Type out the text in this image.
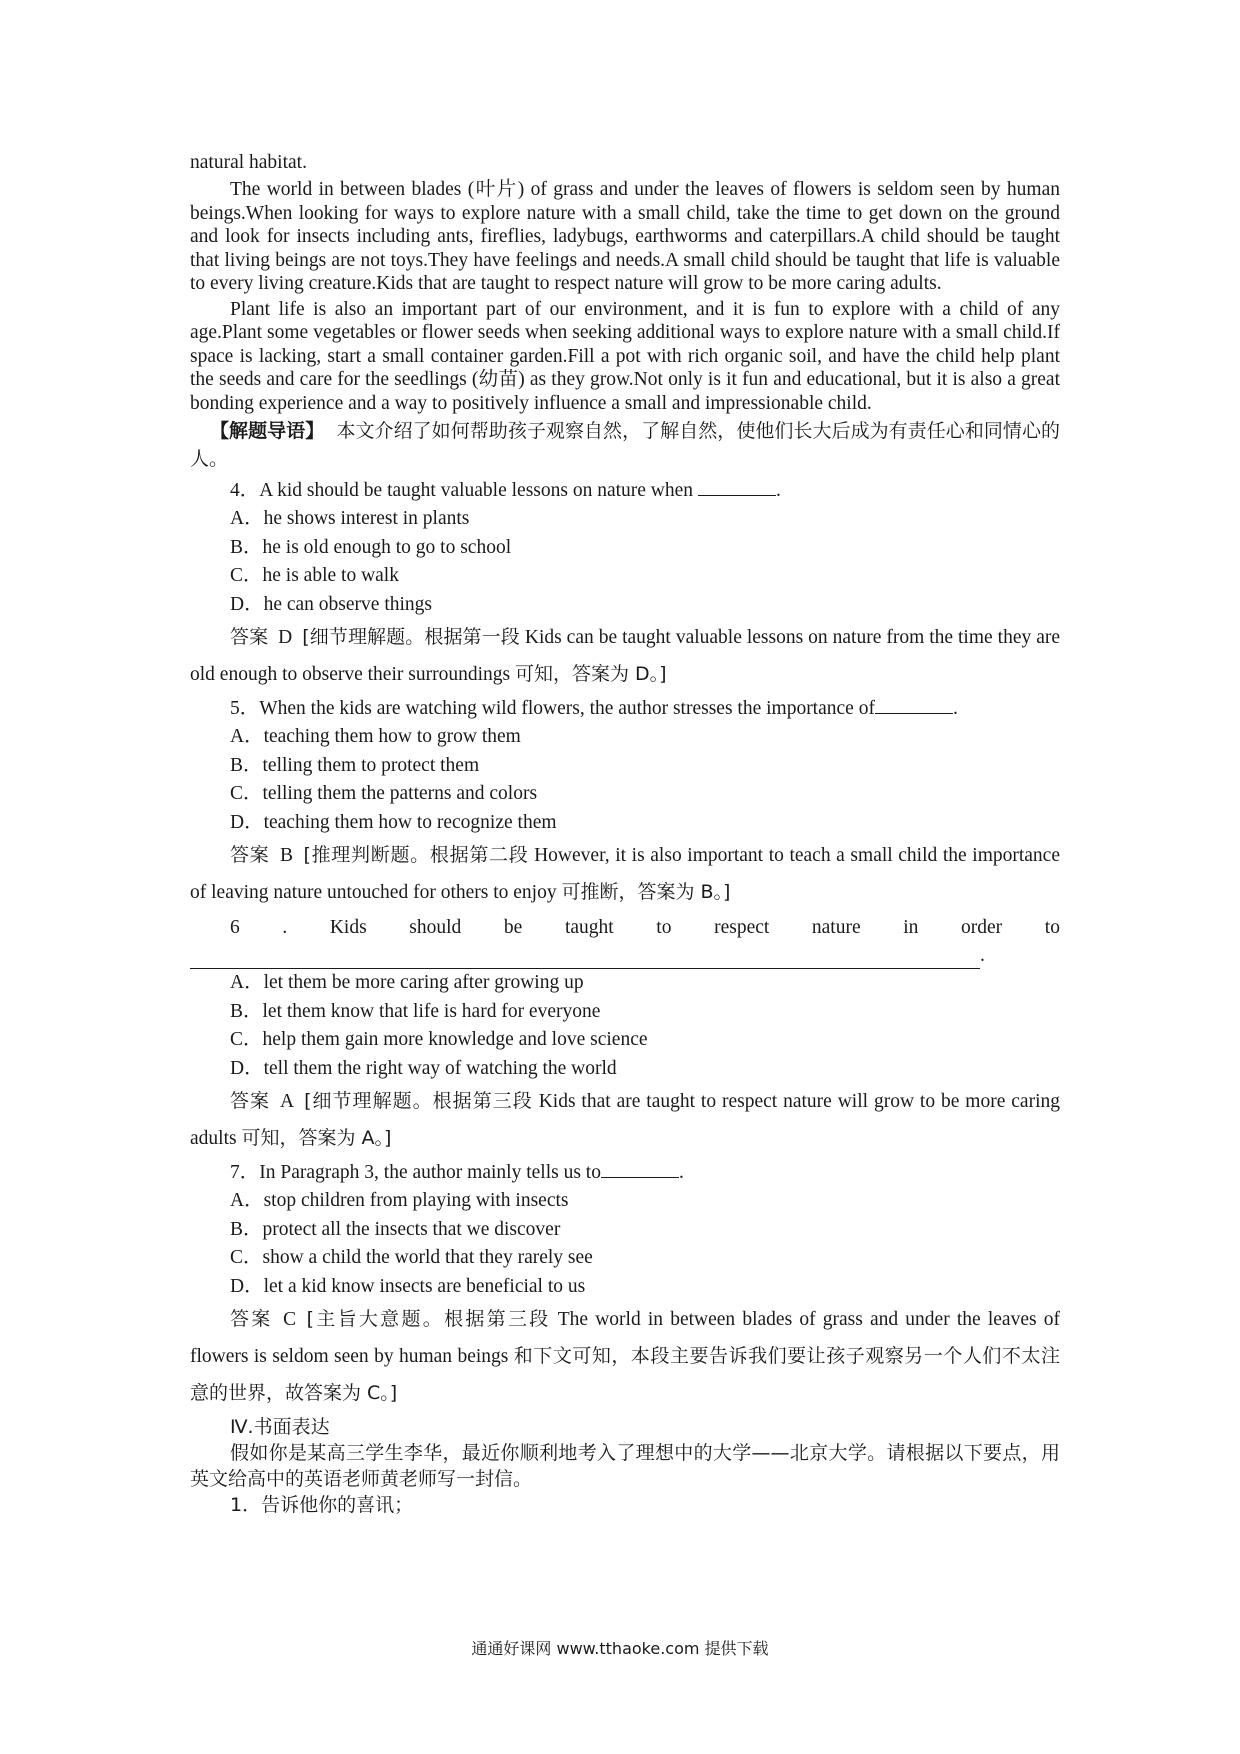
natural habitat.

The world in between blades (叶片) of grass and under the leaves of flowers is seldom seen by human beings.When looking for ways to explore nature with a small child, take the time to get down on the ground and look for insects including ants, fireflies, ladybugs, earthworms and caterpillars.A child should be taught that living beings are not toys.They have feelings and needs.A small child should be taught that life is valuable to every living creature.Kids that are taught to respect nature will grow to be more caring adults.

Plant life is also an important part of our environment, and it is fun to explore with a child of any age.Plant some vegetables or flower seeds when seeking additional ways to explore nature with a small child.If space is lacking, start a small container garden.Fill a pot with rich organic soil, and have the child help plant the seeds and care for the seedlings (幼苗) as they grow.Not only is it fun and educational, but it is also a great bonding experience and a way to positively influence a small and impressionable child.

【解题导语】 本文介绍了如何帮助孩子观察自然，了解自然，使他们长大后成为有责任心和同情心的人。

4．A kid should be taught valuable lessons on nature when	.

A．he shows interest in plants

B．he is old enough to go to school

C．he is able to walk

D．he can observe things

答案 D [细节理解题。根据第一段 Kids can be taught valuable lessons on nature from the time they are old enough to observe their surroundings 可知，答案为 D。]

5．When the kids are watching wild flowers, the author stresses the importance of	.

A．teaching them how to grow them

B．telling them to protect them

C．telling them the patterns and colors

D．teaching them how to recognize them

答案 B [推理判断题。根据第二段 However, it is also important to teach a small child the importance of leaving nature untouched for others to enjoy 可推断，答案为 B。]

6 . Kids should be taught to respect nature in order to

.

A．let them be more caring after growing up

B．let them know that life is hard for everyone

C．help them gain more knowledge and love science

D．tell them the right way of watching the world

答案 A [细节理解题。根据第三段 Kids that are taught to respect nature will grow to be more caring adults 可知，答案为 A。]

7．In Paragraph 3, the author mainly tells us to	.

A．stop children from playing with insects

B．protect all the insects that we discover

C．show a child the world that they rarely see

D．let a kid know insects are beneficial to us

答案 C [主旨大意题。根据第三段 The world in between blades of grass and under the leaves of flowers is seldom seen by human beings 和下文可知，本段主要告诉我们要让孩子观察另一个人们不太注意的世界，故答案为 C。]

Ⅳ.书面表达

假如你是某高三学生李华，最近你顺利地考入了理想中的大学——北京大学。请根据以下要点，用英文给高中的英语老师黄老师写一封信。

1．告诉他你的喜讯；

通通好课网 www.tthaoke.com 提供下载
